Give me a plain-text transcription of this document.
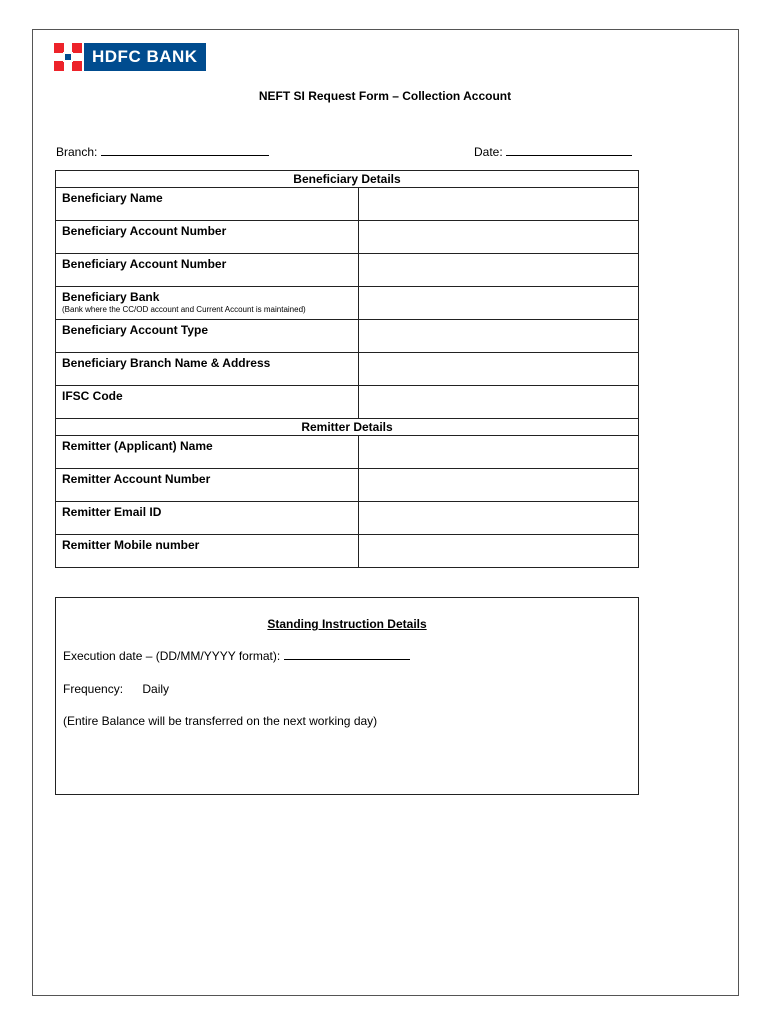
HDFC BANK
NEFT SI Request Form – Collection Account
Branch:	Date:
Beneficiary Details	
Beneficiary Name	
Beneficiary Account Number	
Beneficiary Account Number	
Beneficiary Bank
(Bank where the CC/OD account and Current Account is maintained)	

Beneficiary Account Type	
Beneficiary Branch Name & Address	
IFSC Code	
Remitter Details	
Remitter (Applicant) Name	
Remitter Account Number	
Remitter Email ID	
Remitter Mobile number	
Standing Instruction Details
Execution date – (DD/MM/YYYY format):
Frequency: Daily
(Entire Balance will be transferred on the next working day)
